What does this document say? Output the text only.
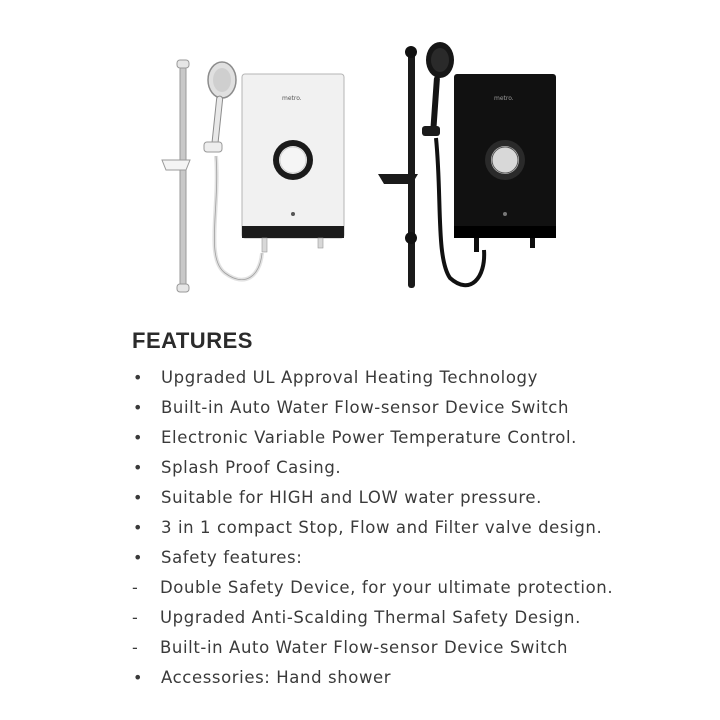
metro.	metro.
FEATURES
•	Upgraded UL Approval Heating Technology
•	Built-in Auto Water Flow-sensor Device Switch
•	Electronic Variable Power Temperature Control.
•	Splash Proof Casing.
•	Suitable for HIGH and LOW water pressure.
•	3 in 1 compact Stop, Flow and Filter valve design.
•	Safety features:
-	Double Safety Device, for your ultimate protection.
-	Upgraded Anti-Scalding Thermal Safety Design.
-	Built-in Auto Water Flow-sensor Device Switch
•	Accessories: Hand shower
